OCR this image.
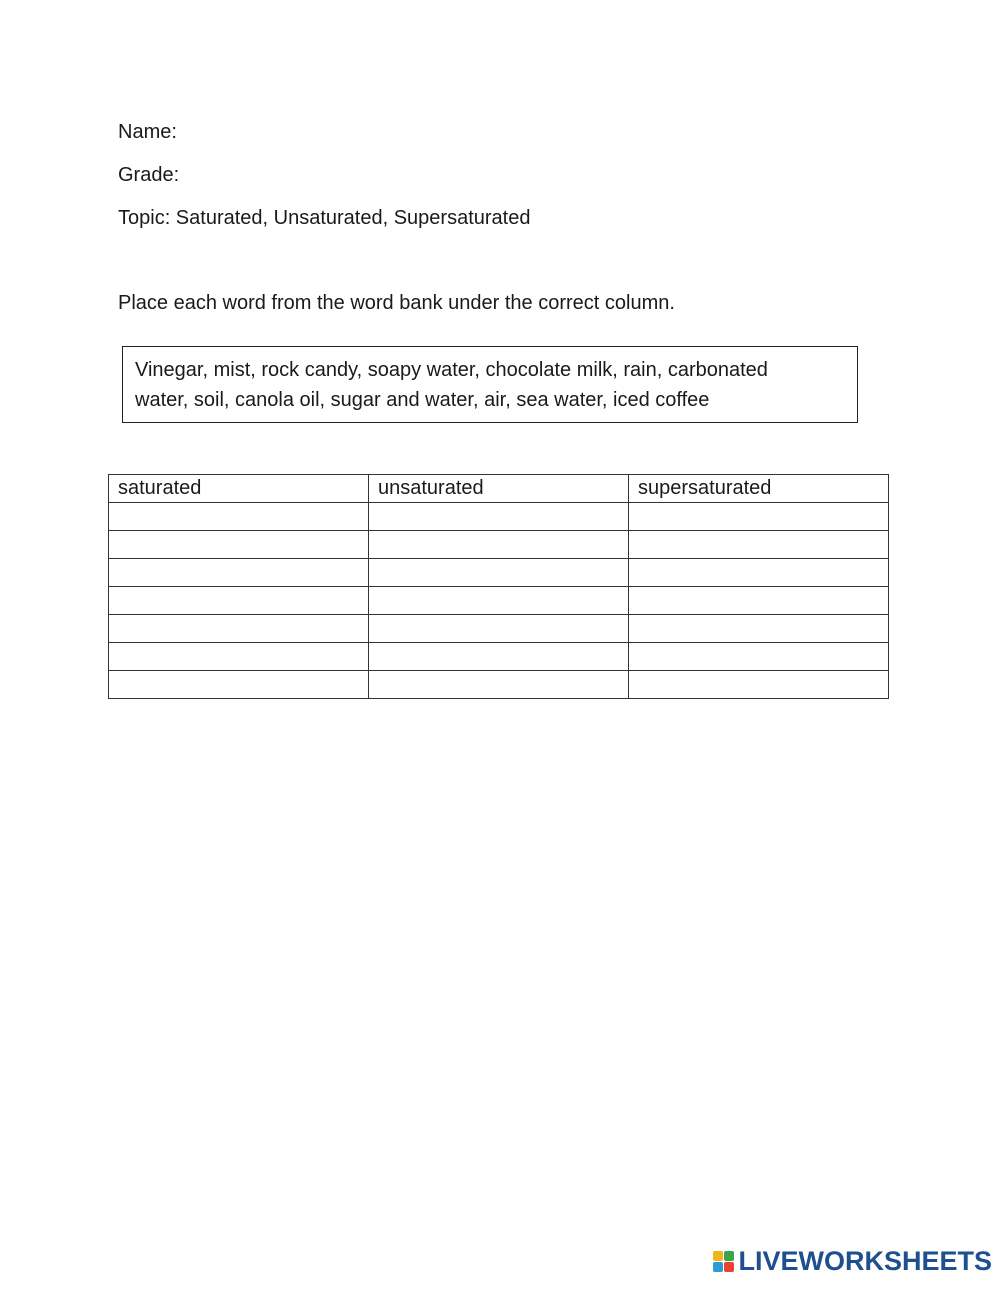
Name:
Grade:
Topic: Saturated, Unsaturated, Supersaturated
Place each word from the word bank under the correct column.
Vinegar, mist, rock candy, soapy water, chocolate milk, rain, carbonated
water, soil, canola oil, sugar and water, air, sea water, iced coffee
saturated	unsaturated	supersaturated

LIVEWORKSHEETS
